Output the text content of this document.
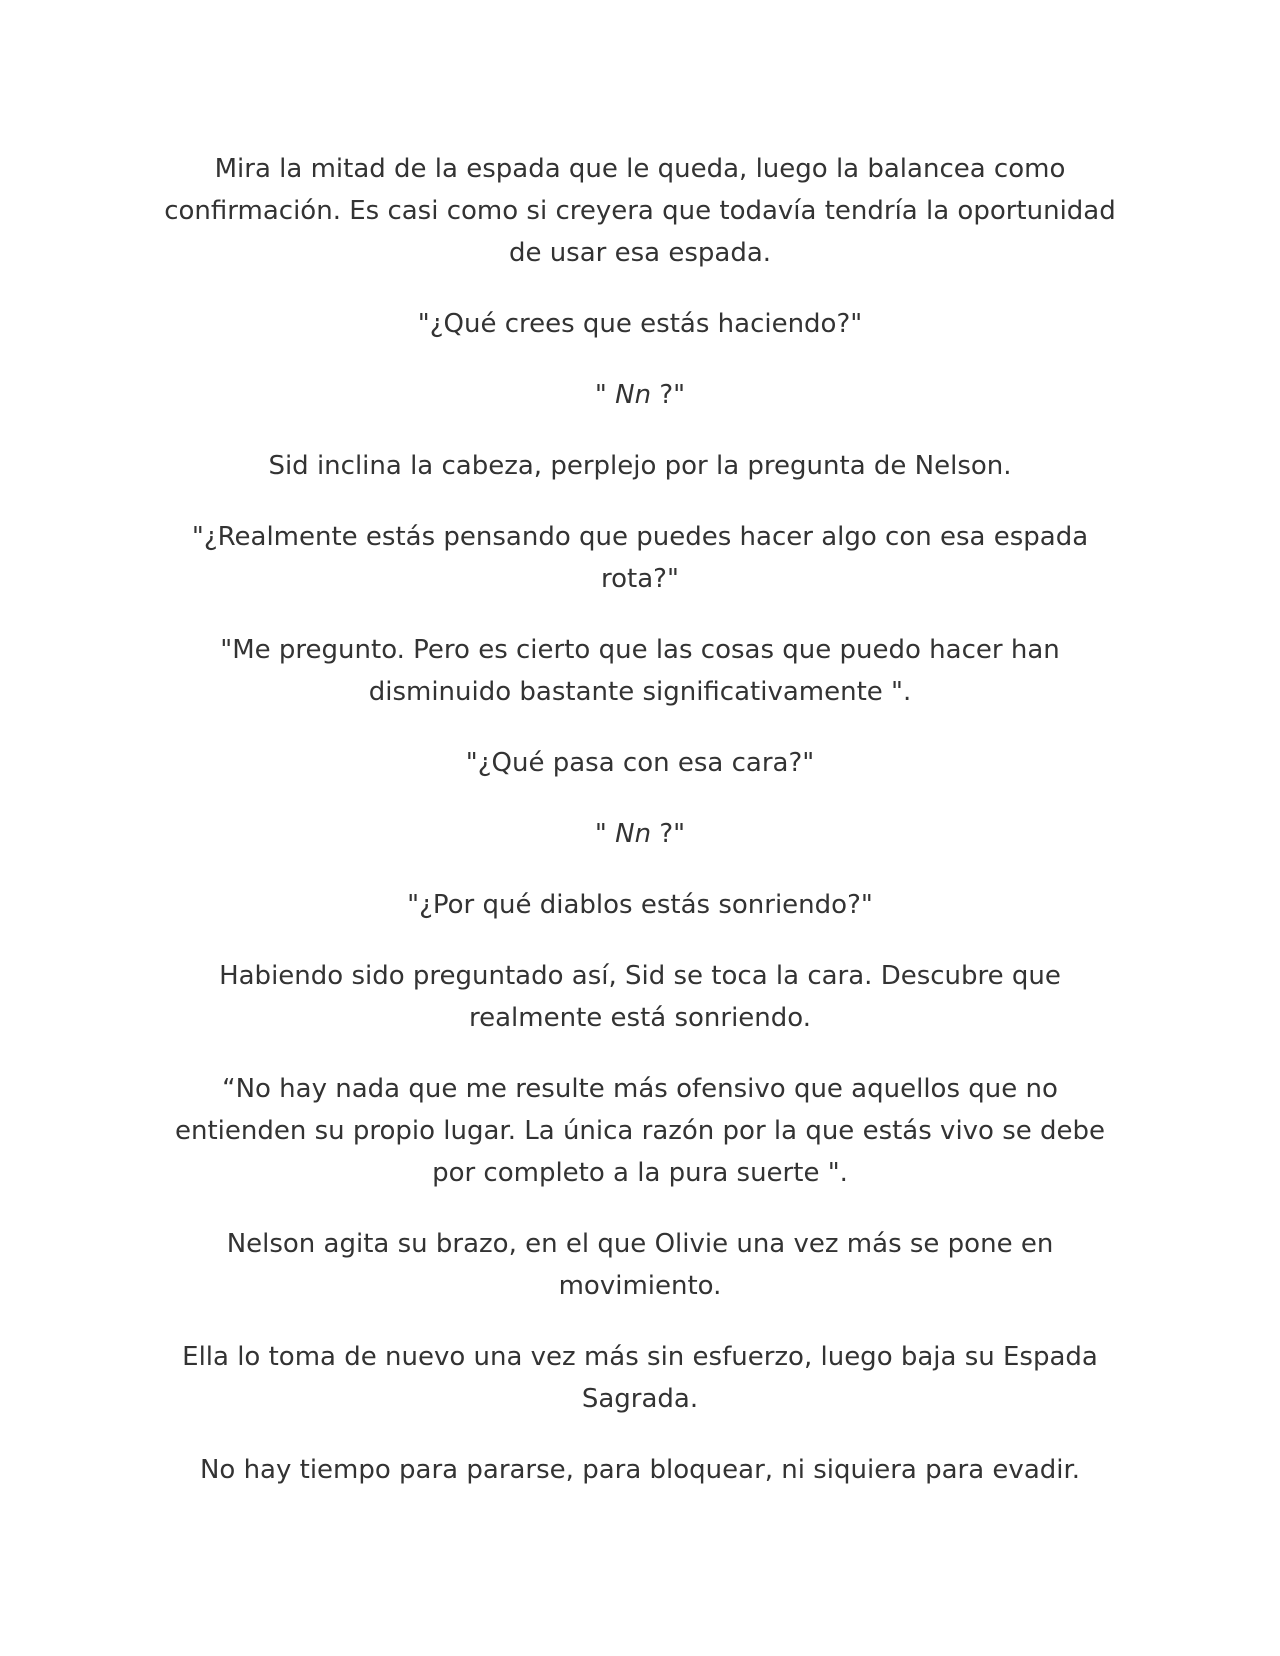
Mira la mitad de la espada que le queda, luego la balancea como confirmación. Es casi como si creyera que todavía tendría la oportunidad de usar esa espada.

"¿Qué crees que estás haciendo?"

" Nn ?"

Sid inclina la cabeza, perplejo por la pregunta de Nelson.

"¿Realmente estás pensando que puedes hacer algo con esa espada rota?"

"Me pregunto. Pero es cierto que las cosas que puedo hacer han disminuido bastante significativamente ".

"¿Qué pasa con esa cara?"

" Nn ?"

"¿Por qué diablos estás sonriendo?"

Habiendo sido preguntado así, Sid se toca la cara. Descubre que realmente está sonriendo.

“No hay nada que me resulte más ofensivo que aquellos que no entienden su propio lugar. La única razón por la que estás vivo se debe por completo a la pura suerte ".

Nelson agita su brazo, en el que Olivie una vez más se pone en movimiento.

Ella lo toma de nuevo una vez más sin esfuerzo, luego baja su Espada Sagrada.

No hay tiempo para pararse, para bloquear, ni siquiera para evadir.
